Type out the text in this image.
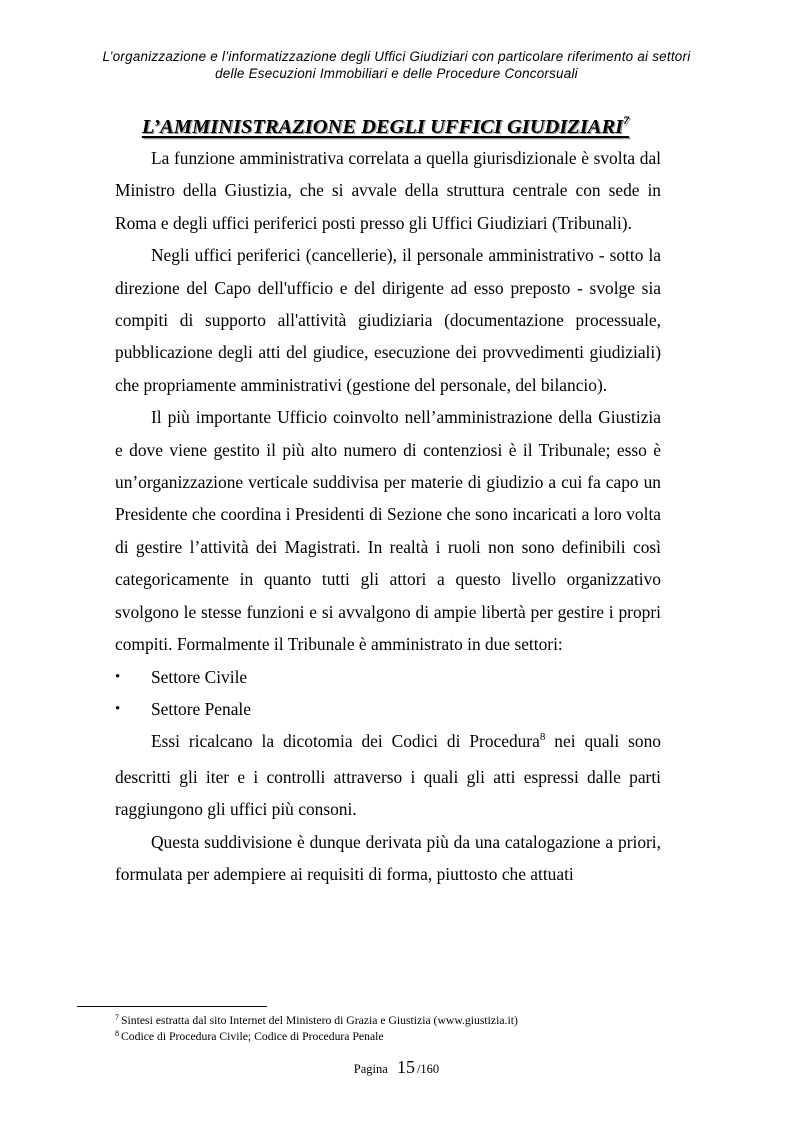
L’organizzazione e l’informatizzazione degli Uffici Giudiziari con particolare riferimento ai settori
delle Esecuzioni Immobiliari e delle Procedure Concorsuali
L’AMMINISTRAZIONE DEGLI UFFICI GIUDIZIARI$^7$

La funzione amministrativa correlata a quella giurisdizionale è svolta dal Ministro della Giustizia, che si avvale della struttura centrale con sede in Roma e degli uffici periferici posti presso gli Uffici Giudiziari (Tribunali).

Negli uffici periferici (cancellerie), il personale amministrativo - sotto la direzione del Capo dell'ufficio e del dirigente ad esso preposto - svolge sia compiti di supporto all'attività giudiziaria (documentazione processuale, pubblicazione degli atti del giudice, esecuzione dei provvedimenti giudiziali) che propriamente amministrativi (gestione del personale, del bilancio).

Il più importante Ufficio coinvolto nell’amministrazione della Giustizia e dove viene gestito il più alto numero di contenziosi è il Tribunale; esso è un’organizzazione verticale suddivisa per materie di giudizio a cui fa capo un Presidente che coordina i Presidenti di Sezione che sono incaricati a loro volta di gestire l’attività dei Magistrati. In realtà i ruoli non sono definibili così categoricamente in quanto tutti gli attori a questo livello organizzativo svolgono le stesse funzioni e si avvalgono di ampie libertà per gestire i propri compiti. Formalmente il Tribunale è amministrato in due settori:

• Settore Civile
• Settore Penale

Essi ricalcano la dicotomia dei Codici di Procedura$^8$ nei quali sono descritti gli iter e i controlli attraverso i quali gli atti espressi dalle parti raggiungono gli uffici più consoni.

Questa suddivisione è dunque derivata più da una catalogazione a priori, formulata per adempiere ai requisiti di forma, piuttosto che attuati

$^7$ Sintesi estratta dal sito Internet del Ministero di Grazia e Giustizia (www.giustizia.it)
$^8$ Codice di Procedura Civile; Codice di Procedura Penale
Pagina 15 /160
